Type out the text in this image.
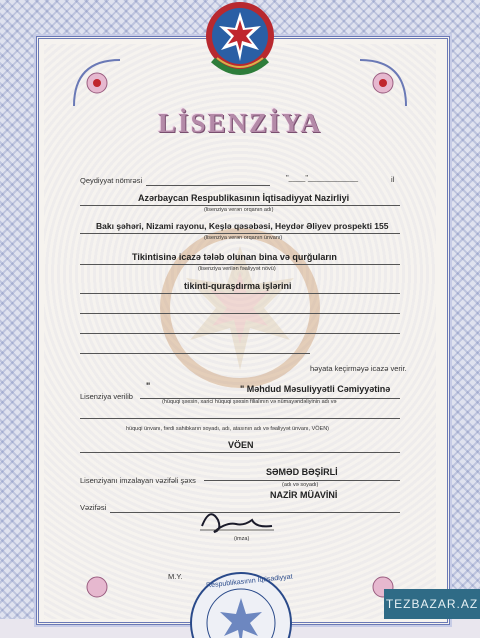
LİSENZİYA
Qeydiyyat nömrəsi	"____"____________	il
Azərbaycan Respublikasının İqtisadiyyat Nazirliyi
(lisenziya verən orqanın adı)
Bakı şəhəri, Nizami rayonu, Keşlə qəsəbəsi, Heydər Əliyev prospekti 155
(lisenziya verən orqanın ünvanı)
Tikintisinə icazə tələb olunan bina və qurğuların
(lisenziya verilən fəaliyyət növü)
tikinti-quraşdırma işlərini
həyata keçirməyə icazə verir.
Lisenziya verilib
"	" Məhdud Məsuliyyətli Cəmiyyətinə
(hüquqi şəxsin, xarici hüquqi şəxsin filialının və nümayəndəliyinin adı və
hüquqi ünvanı, fərdi sahibkarın soyadı, adı, atasının adı və fəaliyyət ünvanı, VÖEN)
VÖEN
Lisenziyanı imzalayan vəzifəli şəxs
SƏMƏD BƏŞİRLİ
(adı və soyadı)
Vəzifəsi
NAZİR MÜAVİNİ
(imza)
M.Y.	Respublikasının İqtisadiyyat
TEZBAZAR.AZ
